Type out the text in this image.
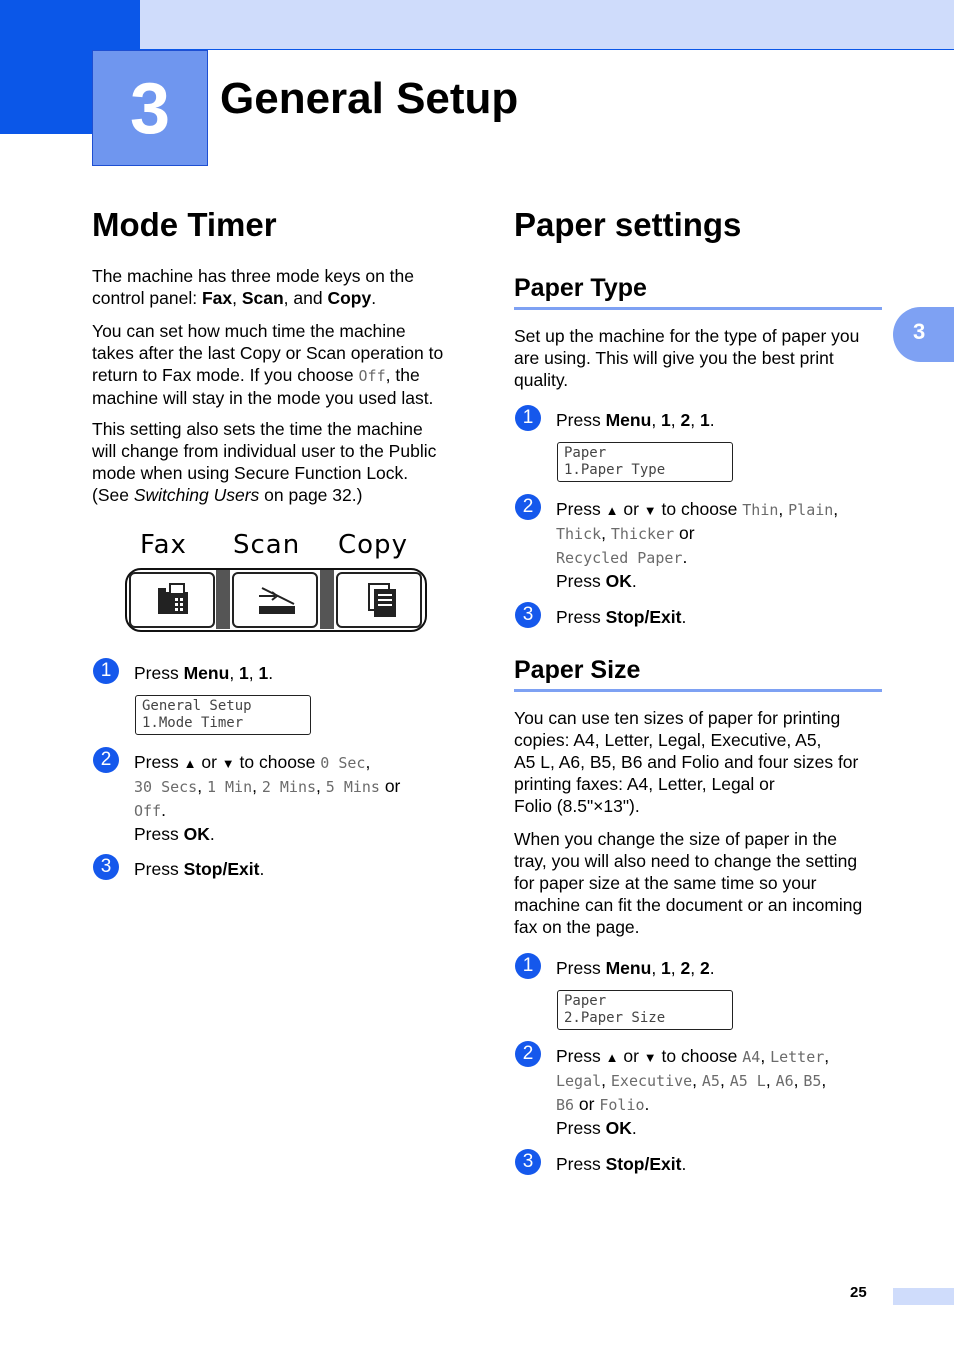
3	General Setup
3
Mode Timer
The machine has three mode keys on the
control panel: Fax, Scan, and Copy.
You can set how much time the machine
takes after the last Copy or Scan operation to
return to Fax mode. If you choose Off, the
machine will stay in the mode you used last.
This setting also sets the time the machine
will change from individual user to the Public
mode when using Secure Function Lock.
(See Switching Users on page 32.)
Fax Scan Copy
1	Press Menu, 1, 1.
General Setup
1.Mode Timer
2	Press ▲ or ▼ to choose 0 Sec,
30 Secs, 1 Min, 2 Mins, 5 Mins or
Off.
Press OK.
3	Press Stop/Exit.
Paper settings
Paper Type
Set up the machine for the type of paper you
are using. This will give you the best print
quality.
1	Press Menu, 1, 2, 1.
Paper
1.Paper Type
2	Press ▲ or ▼ to choose Thin, Plain,
Thick, Thicker or
Recycled Paper.
Press OK.
3	Press Stop/Exit.
Paper Size
You can use ten sizes of paper for printing
copies: A4, Letter, Legal, Executive, A5,
A5 L, A6, B5, B6 and Folio and four sizes for
printing faxes: A4, Letter, Legal or
Folio (8.5"×13").
When you change the size of paper in the
tray, you will also need to change the setting
for paper size at the same time so your
machine can fit the document or an incoming
fax on the page.
1	Press Menu, 1, 2, 2.
Paper
2.Paper Size
2	Press ▲ or ▼ to choose A4, Letter,
Legal, Executive, A5, A5 L, A6, B5,
B6 or Folio.
Press OK.
3	Press Stop/Exit.
25
